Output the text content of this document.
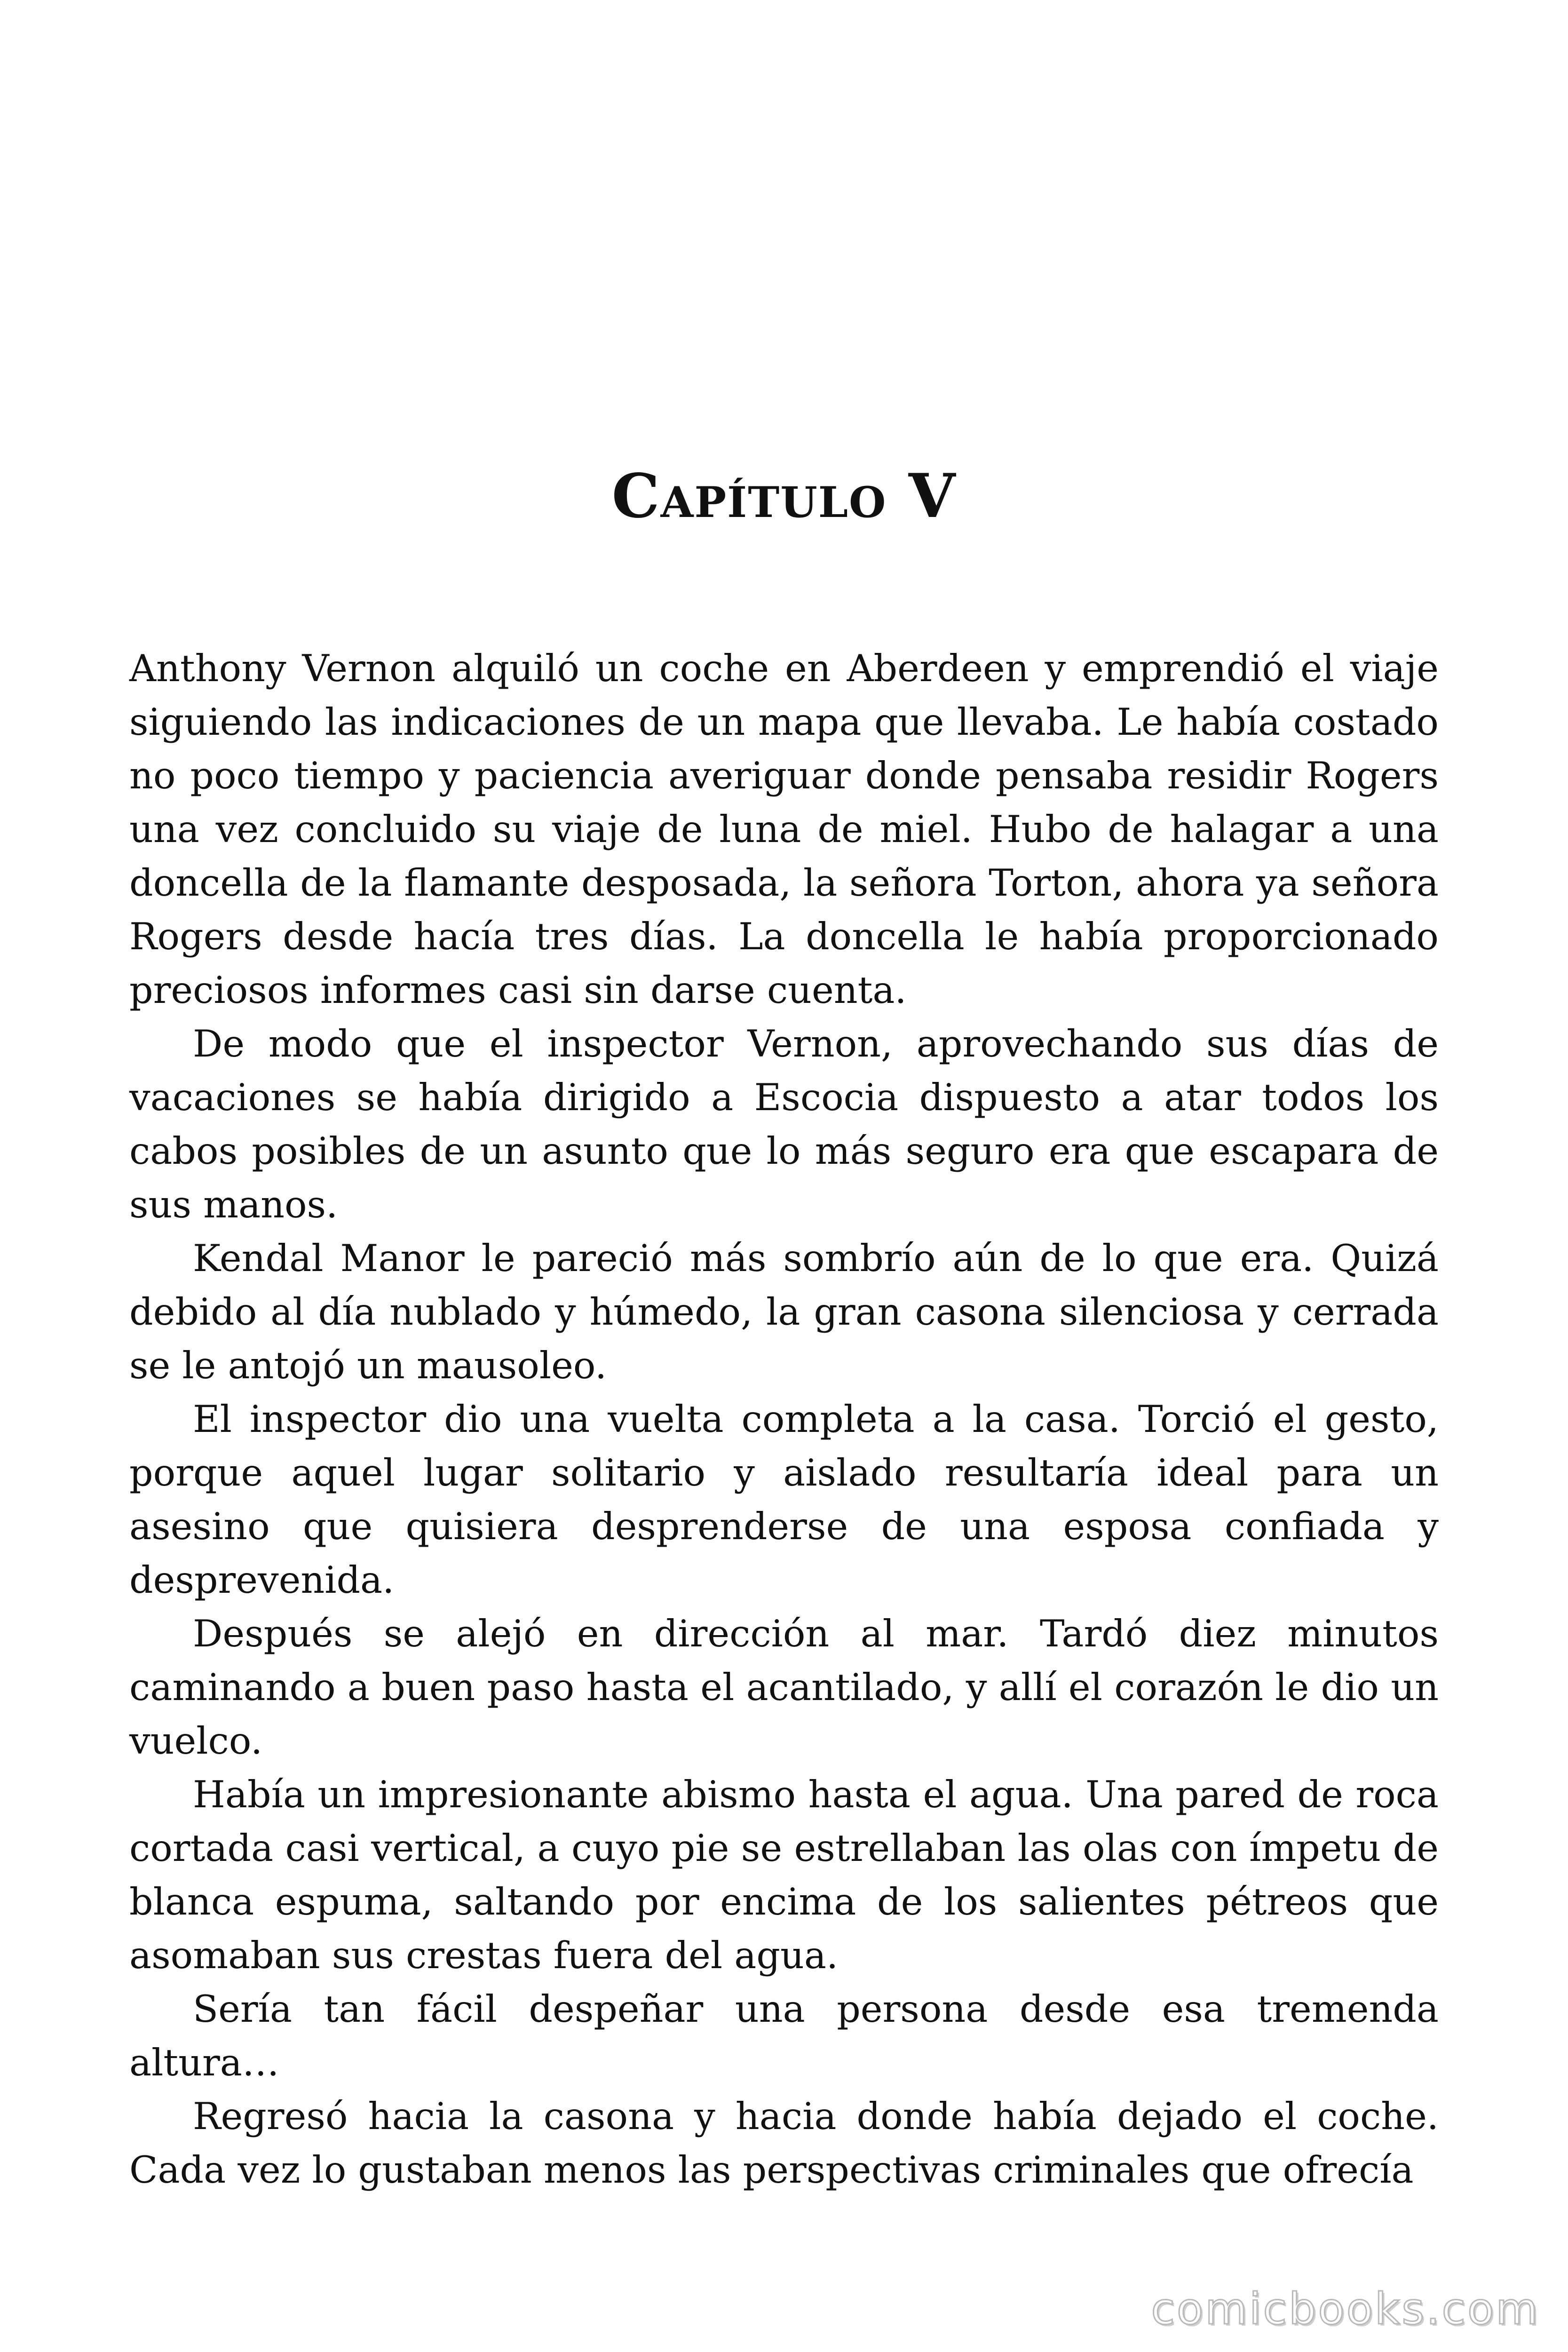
Capítulo V

Anthony Vernon alquiló un coche en Aberdeen y emprendió el viaje siguiendo las indicaciones de un mapa que llevaba. Le había costado no poco tiempo y paciencia averiguar donde pensaba residir Rogers una vez concluido su viaje de luna de miel. Hubo de halagar a una doncella de la flamante desposada, la señora Torton, ahora ya señora Rogers desde hacía tres días. La doncella le había proporcionado preciosos informes casi sin darse cuenta.

De modo que el inspector Vernon, aprovechando sus días de vacaciones se había dirigido a Escocia dispuesto a atar todos los cabos posibles de un asunto que lo más seguro era que escapara de sus manos.

Kendal Manor le pareció más sombrío aún de lo que era. Quizá debido al día nublado y húmedo, la gran casona silenciosa y cerrada se le antojó un mausoleo.

El inspector dio una vuelta completa a la casa. Torció el gesto, porque aquel lugar solitario y aislado resultaría ideal para un asesino que quisiera desprenderse de una esposa confiada y desprevenida.

Después se alejó en dirección al mar. Tardó diez minutos caminando a buen paso hasta el acantilado, y allí el corazón le dio un vuelco.

Había un impresionante abismo hasta el agua. Una pared de roca cortada casi vertical, a cuyo pie se estrellaban las olas con ímpetu de blanca espuma, saltando por encima de los salientes pétreos que asomaban sus crestas fuera del agua.

Sería tan fácil despeñar una persona desde esa tremenda altura…

Regresó hacia la casona y hacia donde había dejado el coche. Cada vez lo gustaban menos las perspectivas criminales que ofrecía

comicbooks.com
